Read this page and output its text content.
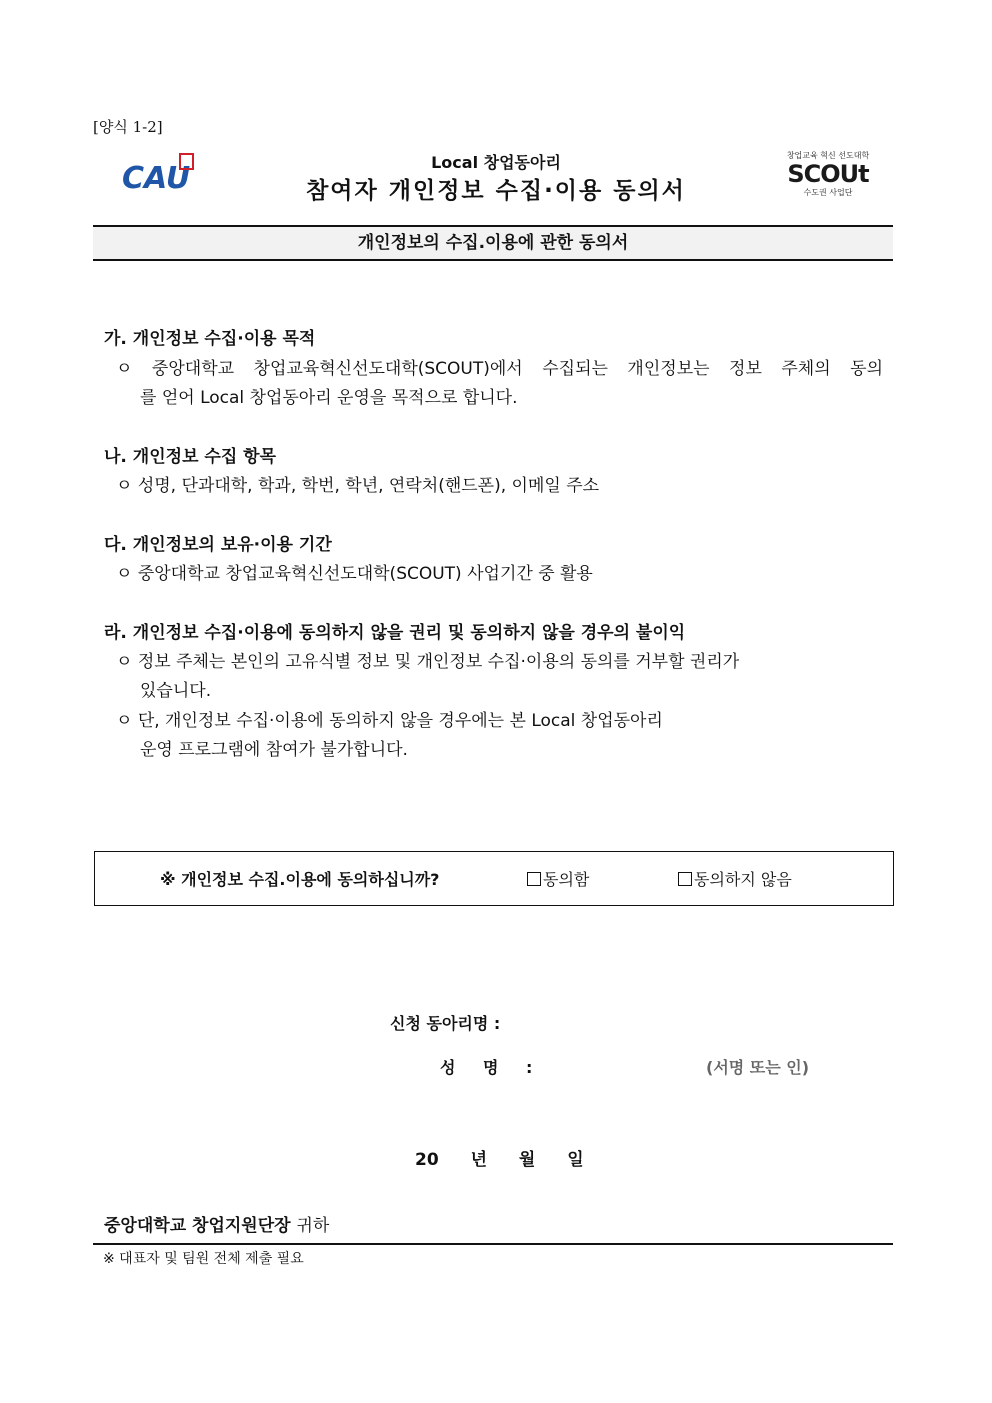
[양식 1-2]
CAU	Local 창업동아리
참여자 개인정보 수집·이용 동의서
창업교육 혁신 선도대학
SCOUt
수도권 사업단
개인정보의 수집.이용에 관한 동의서
가. 개인정보 수집·이용 목적
ㅇ 중앙대학교 창업교육혁신선도대학(SCOUT)에서 수집되는 개인정보는 정보 주체의 동의
를 얻어 Local 창업동아리 운영을 목적으로 합니다.
나. 개인정보 수집 항목
ㅇ 성명, 단과대학, 학과, 학번, 학년, 연락처(핸드폰), 이메일 주소
다. 개인정보의 보유·이용 기간
ㅇ 중앙대학교 창업교육혁신선도대학(SCOUT) 사업기간 중 활용
라. 개인정보 수집·이용에 동의하지 않을 권리 및 동의하지 않을 경우의 불이익
ㅇ 정보 주체는 본인의 고유식별 정보 및 개인정보 수집·이용의 동의를 거부할 권리가
있습니다.
ㅇ 단, 개인정보 수집·이용에 동의하지 않을 경우에는 본 Local 창업동아리
운영 프로그램에 참여가 불가합니다.
※ 개인정보 수집.이용에 동의하십니까?	동의함	동의하지 않음
신청 동아리명 :
성 명 :	(서명 또는 인)
20 년 월 일
중앙대학교 창업지원단장 귀하
※ 대표자 및 팀원 전체 제출 필요
